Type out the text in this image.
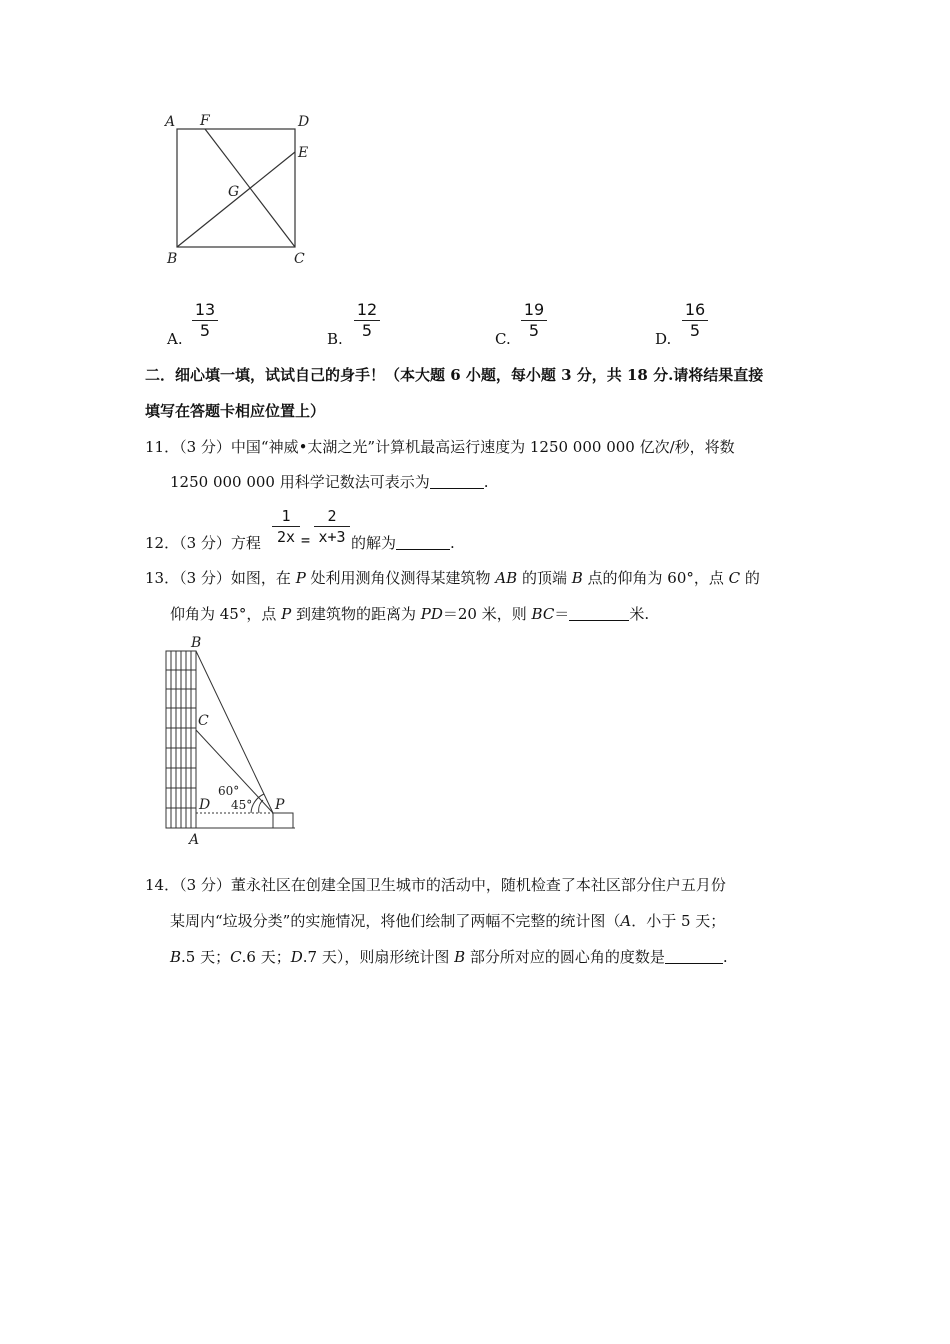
A F	D
E
G
B	C
A.
13
5	B.
12
5	C.
19
5	D.
16
5
二．细心填一填，试试自己的身手！（本大题 6 小题，每小题 3 分，共 18 分.请将结果直接
填写在答题卡相应位置上）
11．（3 分）中国“神威•太湖之光”计算机最高运行速度为 1250 000 000 亿次/秒，将数
1250 000 000 用科学记数法可表示为	.
12．（3 分）方程
1
2x =
2
x+3 的解为	.
13．（3 分）如图，在 P 处利用测角仪测得某建筑物 AB 的顶端 B 点的仰角为 60°，点 C 的
仰角为 45°，点 P 到建筑物的距离为 PD＝20 米，则 BC＝	米.
B
C
D
A
P
60°
45°
14．（3 分）董永社区在创建全国卫生城市的活动中，随机检查了本社区部分住户五月份
某周内“垃圾分类”的实施情况，将他们绘制了两幅不完整的统计图（A．小于 5 天；
B.5 天；C.6 天；D.7 天），则扇形统计图 B 部分所对应的圆心角的度数是	.
